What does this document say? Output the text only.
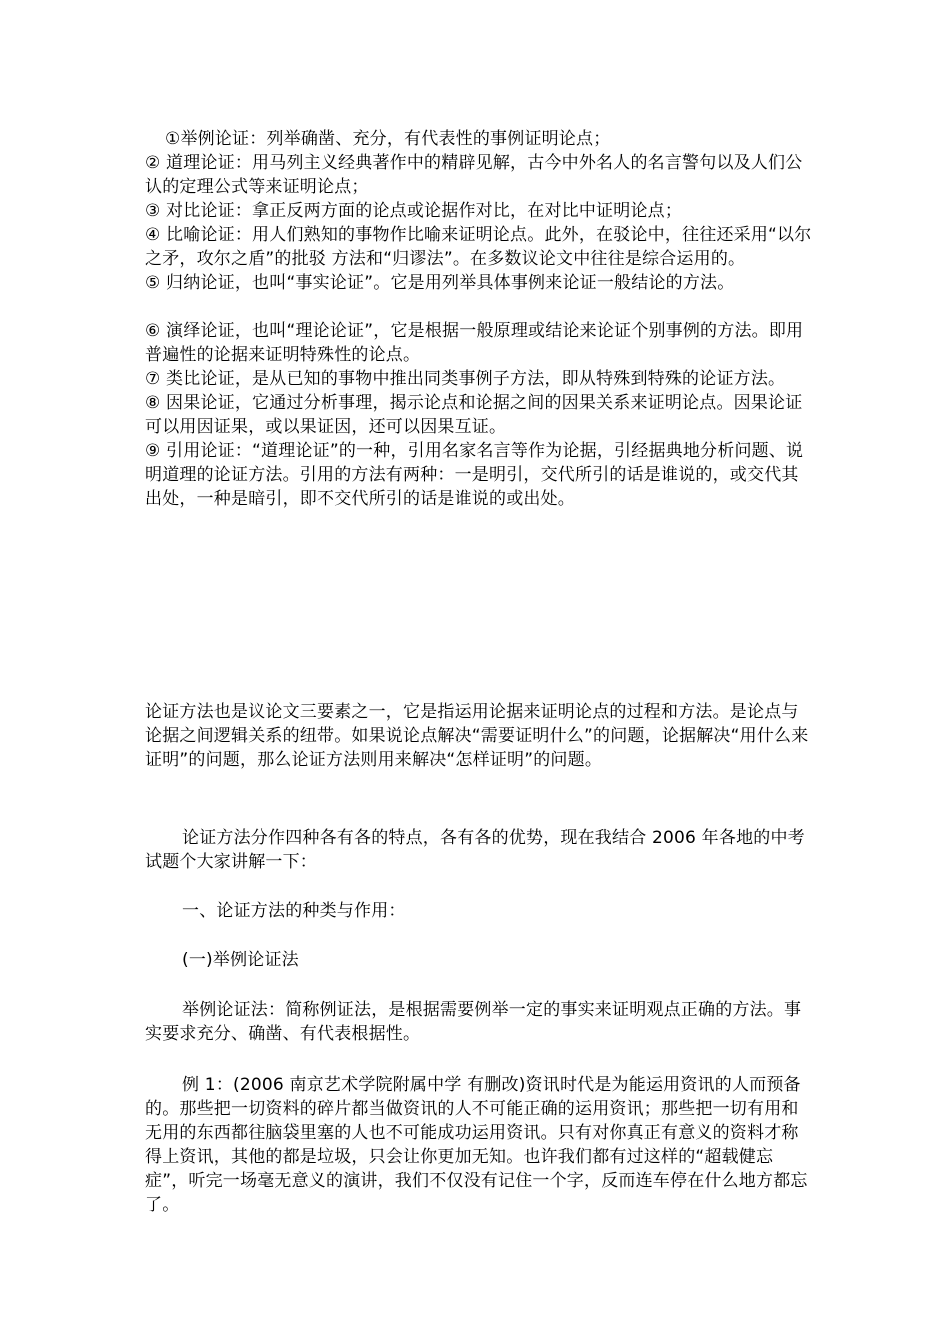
①举例论证：列举确凿、充分，有代表性的事例证明论点；

② 道理论证：用马列主义经典著作中的精辟见解，古今中外名人的名言警句以及人们公认的定理公式等来证明论点；

③ 对比论证：拿正反两方面的论点或论据作对比，在对比中证明论点；

④ 比喻论证：用人们熟知的事物作比喻来证明论点。此外，在驳论中，往往还采用“以尔之矛，攻尔之盾”的批驳 方法和“归谬法”。在多数议论文中往往是综合运用的。

⑤ 归纳论证，也叫“事实论证”。它是用列举具体事例来论证一般结论的方法。

⑥ 演绎论证，也叫“理论论证”，它是根据一般原理或结论来论证个别事例的方法。即用普遍性的论据来证明特殊性的论点。

⑦ 类比论证，是从已知的事物中推出同类事例子方法，即从特殊到特殊的论证方法。

⑧ 因果论证，它通过分析事理，揭示论点和论据之间的因果关系来证明论点。因果论证可以用因证果，或以果证因，还可以因果互证。

⑨ 引用论证：“道理论证”的一种，引用名家名言等作为论据，引经据典地分析问题、说明道理的论证方法。引用的方法有两种：一是明引，交代所引的话是谁说的，或交代其出处，一种是暗引，即不交代所引的话是谁说的或出处。

论证方法也是议论文三要素之一，它是指运用论据来证明论点的过程和方法。是论点与论据之间逻辑关系的纽带。如果说论点解决“需要证明什么”的问题，论据解决“用什么来证明”的问题，那么论证方法则用来解决“怎样证明”的问题。

论证方法分作四种各有各的特点，各有各的优势，现在我结合 2006 年各地的中考试题个大家讲解一下：

一、论证方法的种类与作用：

(一)举例论证法

举例论证法：简称例证法，是根据需要例举一定的事实来证明观点正确的方法。事实要求充分、确凿、有代表根据性。

例 1：(2006 南京艺术学院附属中学 有删改)资讯时代是为能运用资讯的人而预备的。那些把一切资料的碎片都当做资讯的人不可能正确的运用资讯；那些把一切有用和无用的东西都往脑袋里塞的人也不可能成功运用资讯。只有对你真正有意义的资料才称得上资讯，其他的都是垃圾，只会让你更加无知。也许我们都有过这样的“超载健忘症”，听完一场毫无意义的演讲，我们不仅没有记住一个字，反而连车停在什么地方都忘了。
